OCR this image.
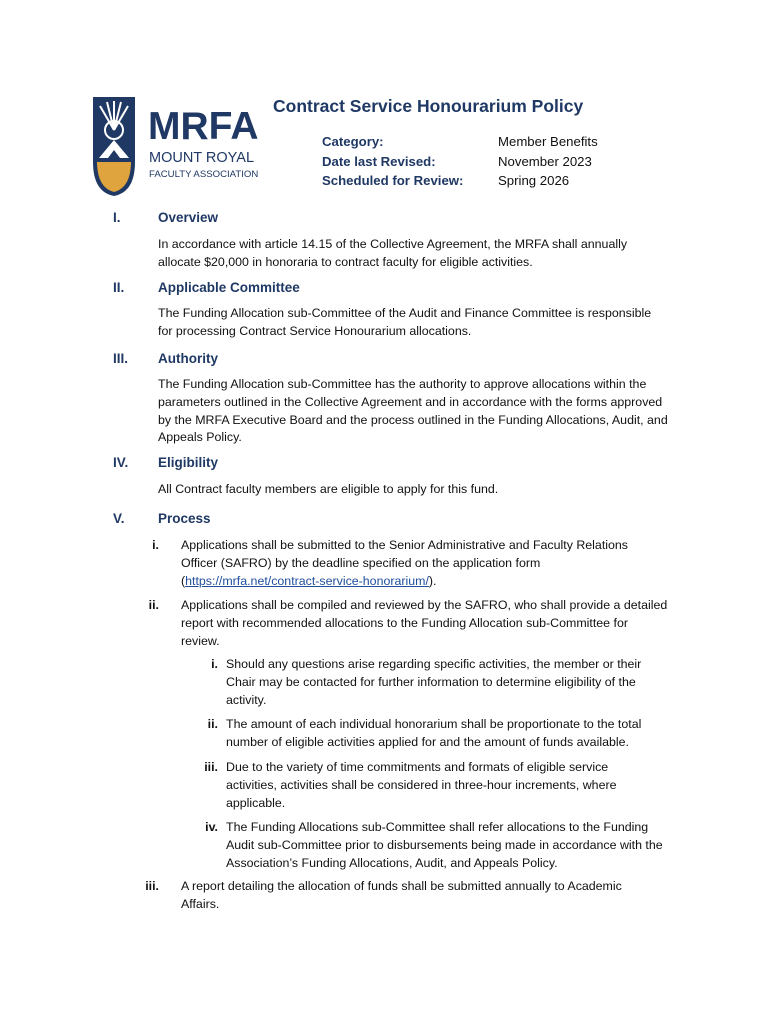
MRFA
MOUNT ROYAL
FACULTY ASSOCIATION
Contract Service Honourarium Policy
Category:	Member Benefits
Date last Revised:	November 2023
Scheduled for Review:	Spring 2026
I.	Overview
In accordance with article 14.15 of the Collective Agreement, the MRFA shall annually
allocate $20,000 in honoraria to contract faculty for eligible activities.
II. Applicable Committee
The Funding Allocation sub-Committee of the Audit and Finance Committee is responsible
for processing Contract Service Honourarium allocations.
III. Authority
The Funding Allocation sub-Committee has the authority to approve allocations within the
parameters outlined in the Collective Agreement and in accordance with the forms approved
by the MRFA Executive Board and the process outlined in the Funding Allocations, Audit, and
Appeals Policy.
IV. Eligibility
All Contract faculty members are eligible to apply for this fund.
V. Process
i. Applications shall be submitted to the Senior Administrative and Faculty Relations
Officer (SAFRO) by the deadline specified on the application form
(https://mrfa.net/contract-service-honorarium/).
ii. Applications shall be compiled and reviewed by the SAFRO, who shall provide a detailed
report with recommended allocations to the Funding Allocation sub-Committee for
review.
i. Should any questions arise regarding specific activities, the member or their
Chair may be contacted for further information to determine eligibility of the
activity.
ii. The amount of each individual honorarium shall be proportionate to the total
number of eligible activities applied for and the amount of funds available.
iii. Due to the variety of time commitments and formats of eligible service
activities, activities shall be considered in three-hour increments, where
applicable.
iv. The Funding Allocations sub-Committee shall refer allocations to the Funding
Audit sub-Committee prior to disbursements being made in accordance with the
Association’s Funding Allocations, Audit, and Appeals Policy.
iii. A report detailing the allocation of funds shall be submitted annually to Academic
Affairs.
